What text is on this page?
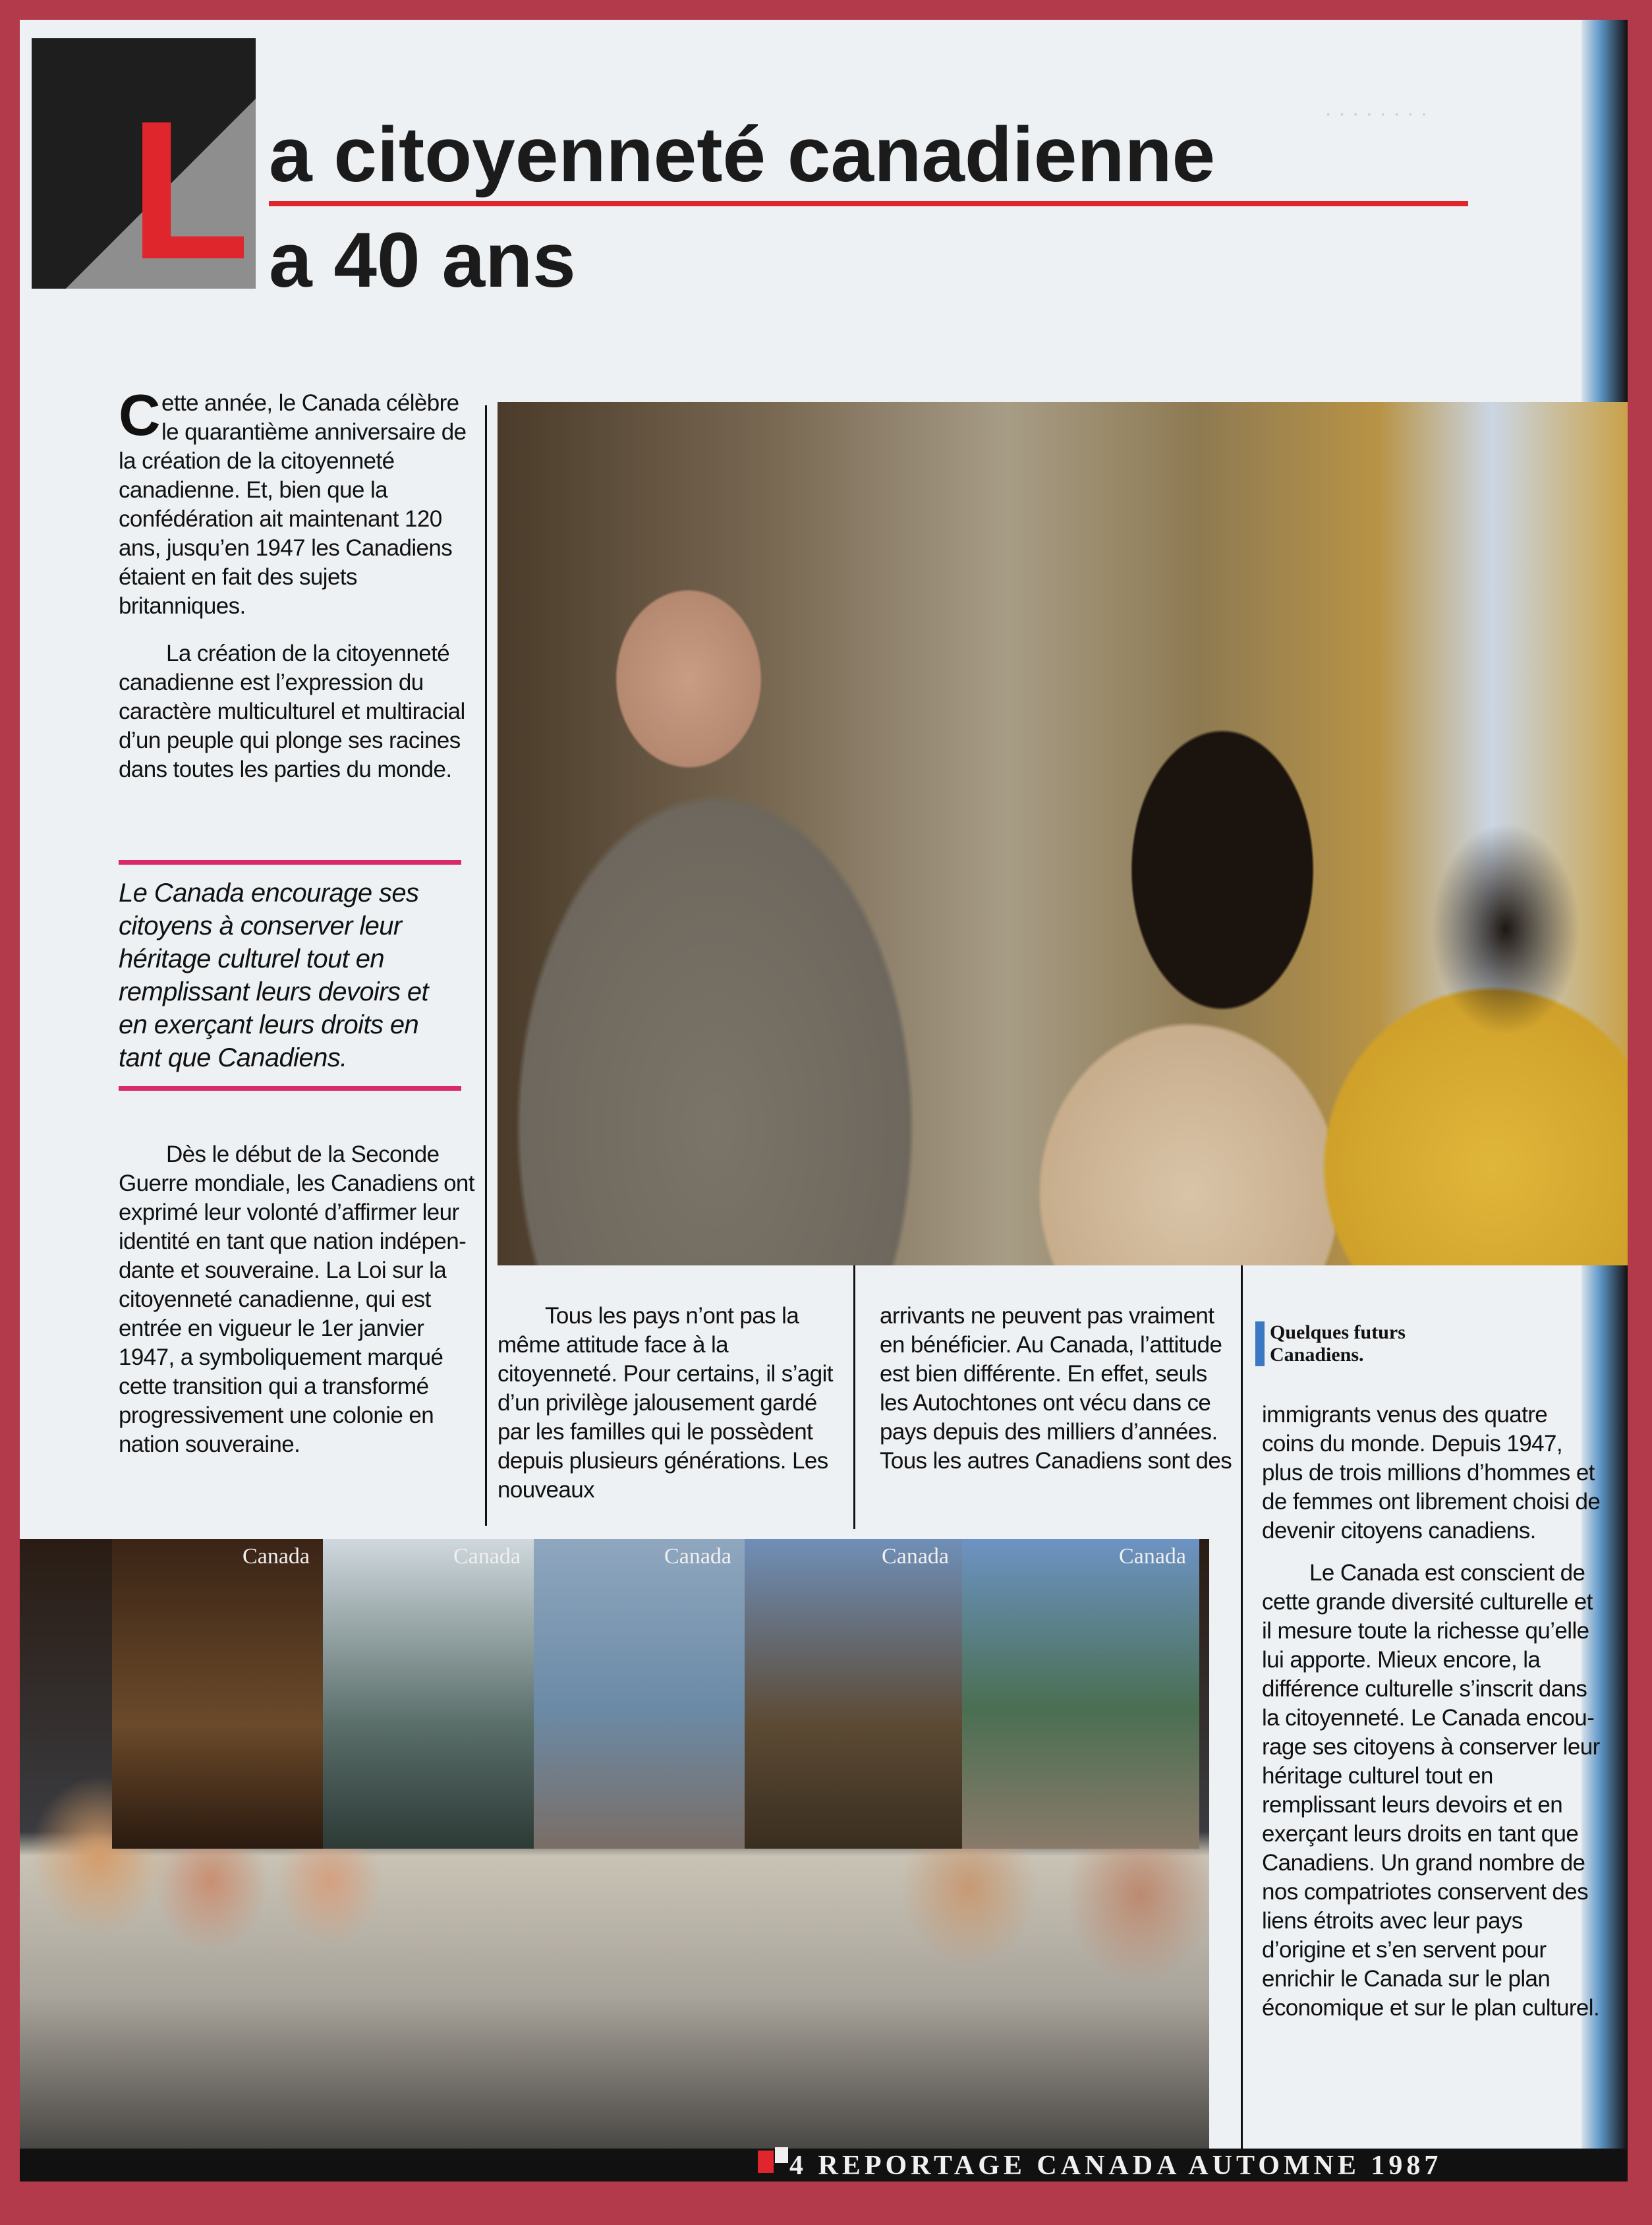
· · · · · · · ·
L a citoyenneté canadienne
a 40 ans

Cette année, le Canada célèbre le quarantième anniversaire de la création de la citoyenneté canadienne. Et, bien que la confédération ait maintenant 120 ans, jusqu’en 1947 les Canadiens étaient en fait des sujets britanniques.

La création de la citoyenneté canadienne est l’expression du caractère multiculturel et multiracial d’un peuple qui plonge ses racines dans toutes les parties du monde.

Le Canada encourage ses citoyens à conserver leur héritage culturel tout en remplissant leurs devoirs et en exerçant leurs droits en tant que Canadiens.

Dès le début de la Seconde Guerre mondiale, les Canadiens ont exprimé leur volonté d’affirmer leur identité en tant que nation indépendante et souveraine. La Loi sur la citoyenneté canadienne, qui est entrée en vigueur le 1er janvier 1947, a symboliquement marqué cette transition qui a transformé progressivement une colonie en nation souveraine.

Tous les pays n’ont pas la même attitude face à la citoyenneté. Pour certains, il s’agit d’un privilège jalousement gardé par les familles qui le possèdent depuis plusieurs générations. Les nouveaux

arrivants ne peuvent pas vraiment en bénéficier. Au Canada, l’attitude est bien différente. En effet, seuls les Autochtones ont vécu dans ce pays depuis des milliers d’années. Tous les autres Canadiens sont des

Quelques futurs Canadiens.

immigrants venus des quatre coins du monde. Depuis 1947, plus de trois millions d’hommes et de femmes ont librement choisi de devenir citoyens canadiens.

Le Canada est conscient de cette grande diversité culturelle et il mesure toute la richesse qu’elle lui apporte. Mieux encore, la différence culturelle s’inscrit dans la citoyenneté. Le Canada encourage ses citoyens à conserver leur héritage culturel tout en remplissant leurs devoirs et en exerçant leurs droits en tant que Canadiens. Un grand nombre de nos compatriotes conservent des liens étroits avec leur pays d’origine et s’en servent pour enrichir le Canada sur le plan économique et sur le plan culturel.

Canada	Canada	Canada	Canada	Canada
4 REPORTAGE CANADA AUTOMNE 1987
